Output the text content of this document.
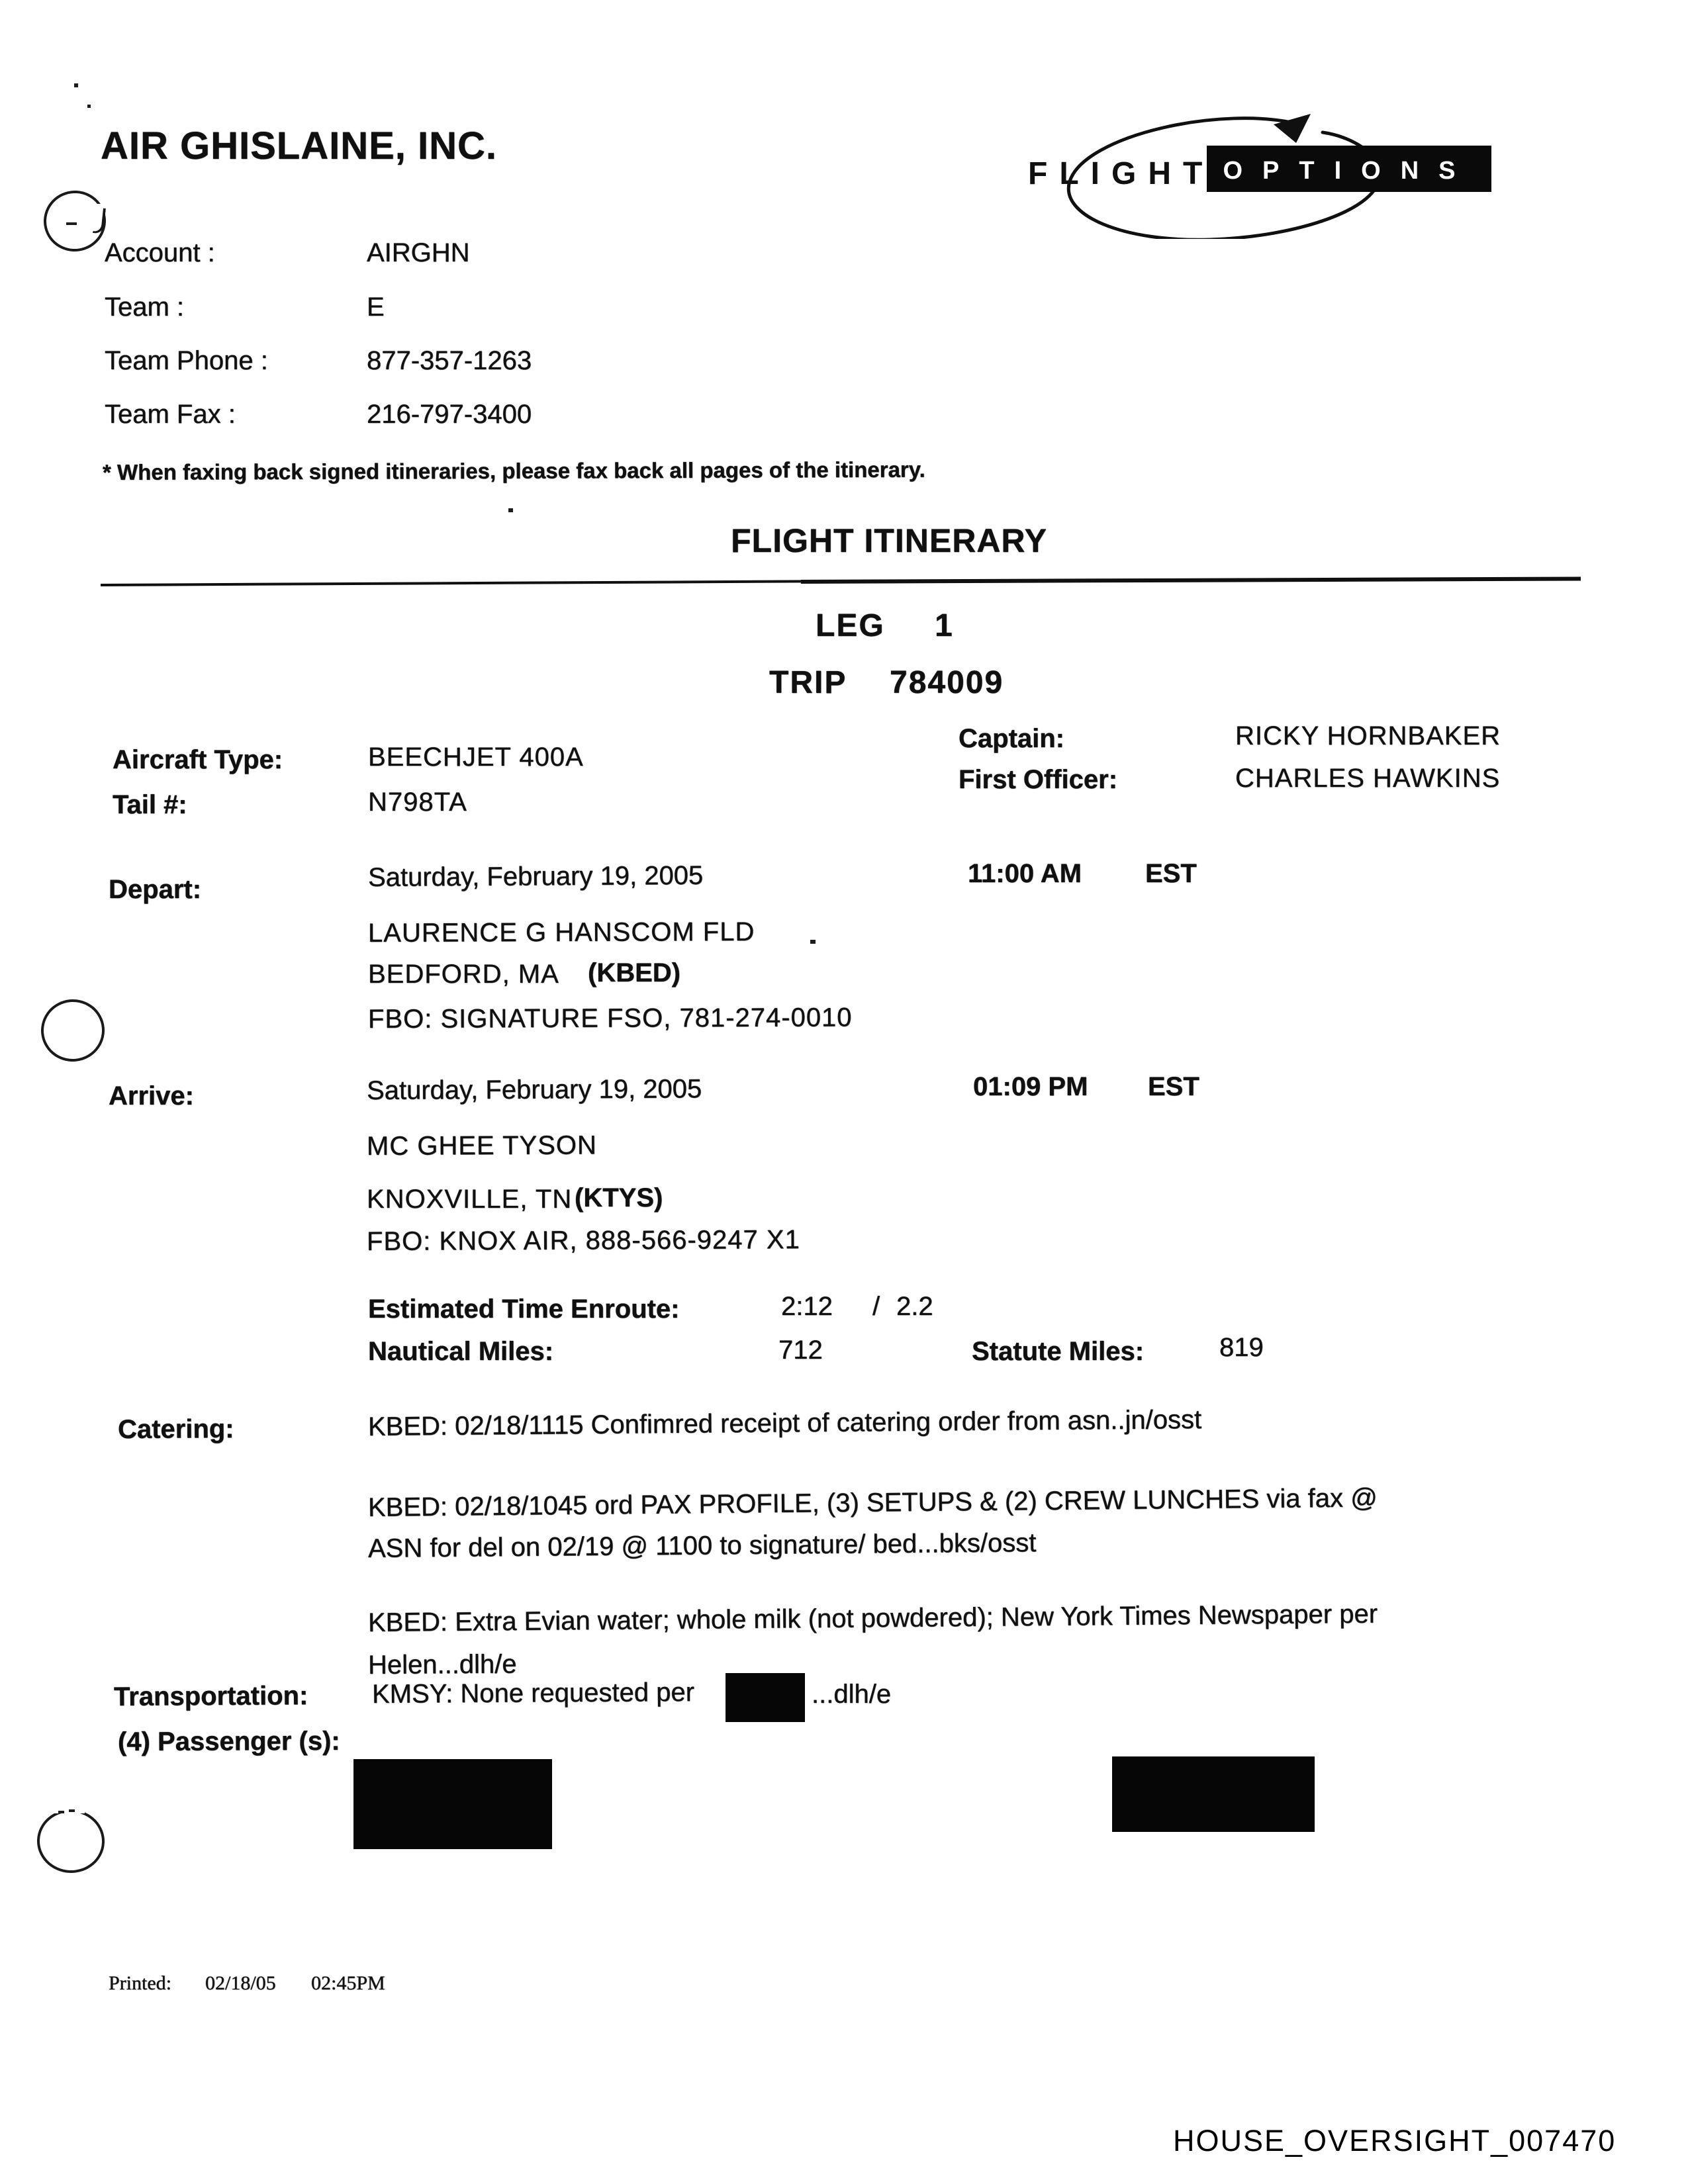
AIR GHISLAINE, INC.
Account :	AIRGHN
Team :	E
Team Phone :	877-357-1263
Team Fax :	216-797-3400
* When faxing back signed itineraries, please fax back all pages of the itinerary.
FLIGHT OPTIONS
FLIGHT ITINERARY
LEG 1
TRIP 784009
Aircraft Type:	BEECHJET 400A
Tail #:	N798TA
Captain:	RICKY HORNBAKER
First Officer:	CHARLES HAWKINS
Depart:	Saturday, February 19, 2005	11:00 AM EST
LAURENCE G HANSCOM FLD
BEDFORD, MA (KBED)
FBO: SIGNATURE FSO, 781-274-0010
Arrive:	Saturday, February 19, 2005	01:09 PM EST
MC GHEE TYSON
KNOXVILLE, TN (KTYS)
FBO: KNOX AIR, 888-566-9247 X1
Estimated Time Enroute:	2:12 / 2.2
Nautical Miles:	712	Statute Miles:	819
Catering:	KBED: 02/18/1115 Confimred receipt of catering order from asn..jn/osst
KBED: 02/18/1045 ord PAX PROFILE, (3) SETUPS & (2) CREW LUNCHES via fax @
ASN for del on 02/19 @ 1100 to signature/ bed...bks/osst
KBED: Extra Evian water; whole milk (not powdered); New York Times Newspaper per
Helen...dlh/e
Transportation: KMSY: None requested per	...dlh/e
(4) Passenger (s):
Printed: 02/18/05 02:45PM
HOUSE_OVERSIGHT_007470
